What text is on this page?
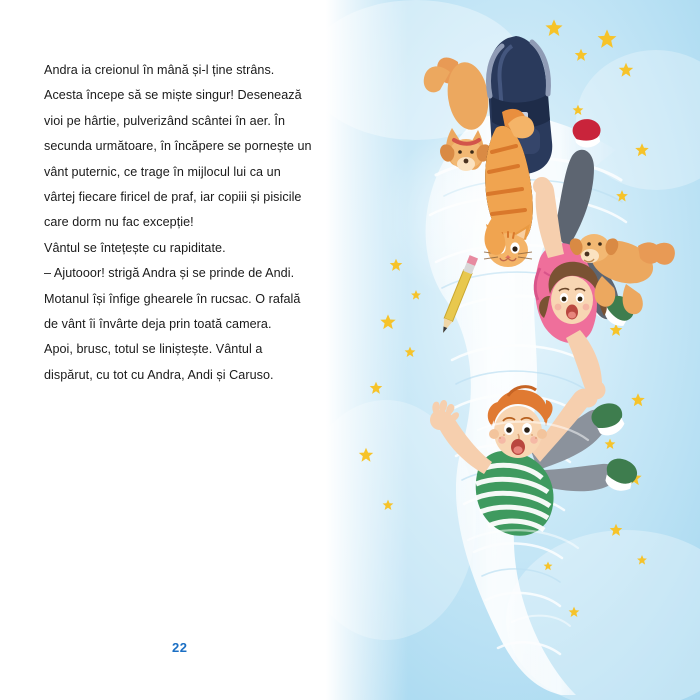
Andra ia creionul în mână și-l ține strâns. Acesta începe să se miște singur! Desenează vioi pe hârtie, pulverizând scântei în aer. În secunda următoare, în încăpere se pornește un vânt puternic, ce trage în mijlocul lui ca un vârtej fiecare firicel de praf, iar copiii și pisicile care dorm nu fac excepție!

Vântul se întețește cu rapiditate.

– Ajutooor! strigă Andra și se prinde de Andi. Motanul își înfige ghearele în rucsac. O rafală de vânt îi învârte deja prin toată camera.

Apoi, brusc, totul se liniștește. Vântul a dispărut, cu tot cu Andra, Andi și Caruso.

22
